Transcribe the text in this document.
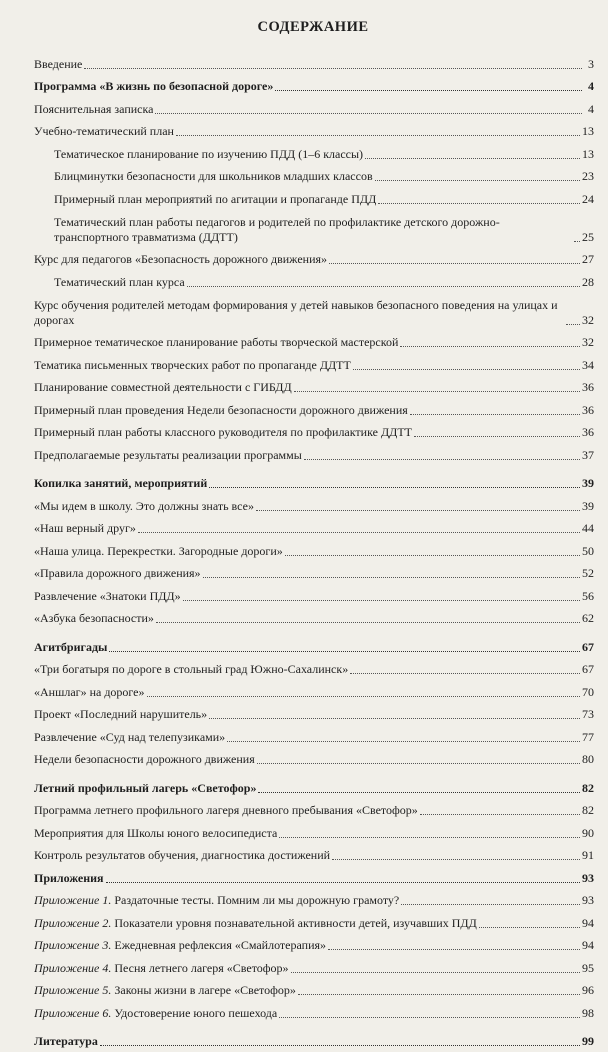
СОДЕРЖАНИЕ
Введение	3
Программа «В жизнь по безопасной дороге»	4
Пояснительная записка	4
Учебно-тематический план	13
Тематическое планирование по изучению ПДД (1–6 классы)	13
Блицминутки безопасности для школьников младших классов	23
Примерный план мероприятий по агитации и пропаганде ПДД	24
Тематический план работы педагогов и родителей по профилактике детского дорожно-транспортного травматизма (ДДТТ)	25
Курс для педагогов «Безопасность дорожного движения»	27
Тематический план курса	28
Курс обучения родителей методам формирования у детей навыков безопасного поведения на улицах и дорогах	32
Примерное тематическое планирование работы творческой мастерской	32
Тематика письменных творческих работ по пропаганде ДДТТ	34
Планирование совместной деятельности с ГИБДД	36
Примерный план проведения Недели безопасности дорожного движения	36
Примерный план работы классного руководителя по профилактике ДДТТ	36
Предполагаемые результаты реализации программы	37
Копилка занятий, мероприятий	39
«Мы идем в школу. Это должны знать все»	39
«Наш верный друг»	44
«Наша улица. Перекрестки. Загородные дороги»	50
«Правила дорожного движения»	52
Развлечение «Знатоки ПДД»	56
«Азбука безопасности»	62
Агитбригады	67
«Три богатыря по дороге в стольный град Южно-Сахалинск»	67
«Аншлаг» на дороге»	70
Проект «Последний нарушитель»	73
Развлечение «Суд над телепузиками»	77
Недели безопасности дорожного движения	80
Летний профильный лагерь «Светофор»	82
Программа летнего профильного лагеря дневного пребывания «Светофор»	82
Мероприятия для Школы юного велосипедиста	90
Контроль результатов обучения, диагностика достижений	91
Приложения	93
Приложение 1. Раздаточные тесты. Помним ли мы дорожную грамоту?	93
Приложение 2. Показатели уровня познавательной активности детей, изучавших ПДД	94
Приложение 3. Ежедневная рефлексия «Смайлотерапия»	94
Приложение 4. Песня летнего лагеря «Светофор»	95
Приложение 5. Законы жизни в лагере «Светофор»	96
Приложение 6. Удостоверение юного пешехода	98
Литература	99
